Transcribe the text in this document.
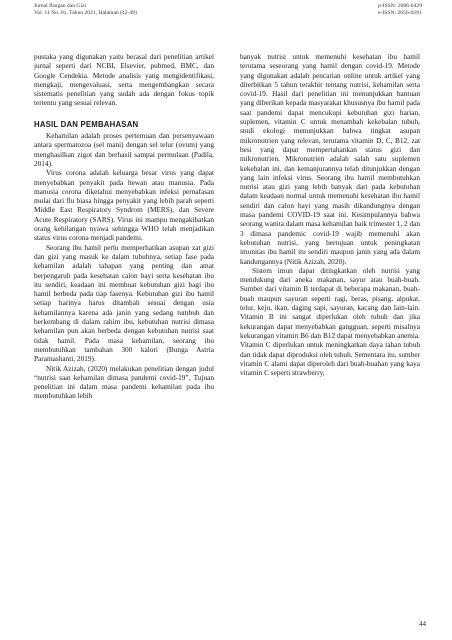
Jurnal Pangan dan Gizi
Vol. 11 No. 01, Tahun 2021, Halaman (42-49)
p-ISSN: 2086-6429
e-ISSN: 2656-0291

pustaka yang digunakan yaitu berasal dari penelitian artikel jurnal seperti dari NCBI, Elsevier, pubmed, BMC, dan Google Cendekia. Metode analisis yang mengidentifikasi, mengkaji, mengevaluasi, serta mengembangkan secara sistematis penelitian yang sudah ada dengan fokus topik tertentu yang sesuai relevan.

HASIL DAN PEMBAHASAN

Kehamilan adalah proses pertemuan dan persenyawaan antara spermatozoa (sel mani) dengan sel telur (ovum) yang menghasilkan zigot dan berhasil sampai permulaan (Padila, 2014).

Virus corona adalah keluarga besar virus yang dapat menyebabkan penyakit pada hewan atau manusia. Pada manusia corona diketahui menyebabkan infeksi pernafasan mulai dari flu biasa hingga penyakit yang lebih parah seperti Middle East Respiratory Syndrom (MERS), dan Severe Acute Respiratory (SARS). Virus ini mampu mengakibatkan orang kehilangan nyawa sehingga WHO telah menjadikan status virus corona menjadi pandemi.

Seorang ibu hamil perlu memperhatikan asupan zat gizi dan gizi yang masuk ke dalam tubuhnya, setiap fase pada kehamilan adalah tahapan yang penting dan amat berpengaruh pada kesehatan calon bayi serta kesehatan ibu itu sendiri, keadaan ini membuat kebutuhan gizi bagi ibu hamil berbeda pada tiap fasenya. Kebutuhan gizi ibu hamil setiap harinya harus ditambah sesuai dengan usia kehamilannya karena ada janin yang sedang tumbuh dan berkembang di dalam rahim ibu, kebutuhan nutrisi dimasa kehamilan pun akan berbeda dengan kebutuhan nutrisi saat tidak hamil. Pada masa kehamilan, seorang ibu membutuhkan tambahan 300 kalori (Bunga Astria Paramashanti, 2019).

Nitik Azizah, (2020) melakukan penelitian dengan judul “nutrisi saat kehamilan dimasa pandemi covid-19”. Tujuan penelitian ini dalam masa pandemi kehamilan pada ibu membutuhkan lebih

banyak nutrisi untuk memenuhi kesehatan ibu hamil terutama seseorang yang hamil dengan covid-19. Metode yang digunakan adalah pencarian online untuk artikel yang diterbitkan 5 tahun terakhir tentang nutrisi, kehamilan serta covid-19. Hasil dari penelitian ini menunjukkan bantuan yang diberikan kepada masyarakat khususnya ibu hamil pada saat pandemi dapat mencukupi kebutuhan gizi harian, suplemen, vitamin C untuk menambah kekebalan tubuh, studi ekologi menunjukkan bahwa tingkat asupan mikronutrien yang relevan, terutama vitamin D, C, B12, zat besi yang dapat mempertahankan status gizi dan mikronutrien. Mikronutrien adalah salah satu suplemen kekebalan ini, dan kemanjurannya telah ditunjukkan dengan yang lain infeksi virus. Seorang ibu hamil membutuhkan nutrisi atau gizi yang lebih banyak dari pada kebutuhan dalam keadaan normal untuk memenuhi kesehatan ibu hamil sendiri dan calon bayi yang masih dikandungnya dengan masa pandemi COVID-19 saat ini. Kesimpulannya bahwa seorang wanita dalam masa kehamilan baik trimester 1, 2 dan 3 dimasa pandemic covid-19 wajib memenuhi akan kebutuhan nutrisi, yang bertujuan untuk peningkatan imunitas ibu hamil itu sendiri maupun janin yang ada dalam kandungannya (Nitik Azizah, 2020).

Sistem imun dapat ditingkatkan oleh nutrisi yang mendukung dari aneka makanan, sayur atau buah-buah. Sumber dari vitamin B terdapat di beberapa makanan, buah-buah maupun sayuran seperti ragi, beras, pisang, alpukat, telur, keju, ikan, daging sapi, sayuran, kacang dan lain-lain. Vitamin B ini sangat diperlukan oleh tubuh dan jika kekurangan dapat menyebabkan gangguan, seperti misalnya kekurangan vitamin B6 dan B12 dapat menyebabkan anemia. Vitamin C diperlukan untuk meningkatkan daya tahan tubuh dan tidak dapat diproduksi oleh tubuh. Sementara itu, sumber vitamin C alami dapat diperoleh dari buah-buahan yang kaya vitamin C seperti strawberry,

44
